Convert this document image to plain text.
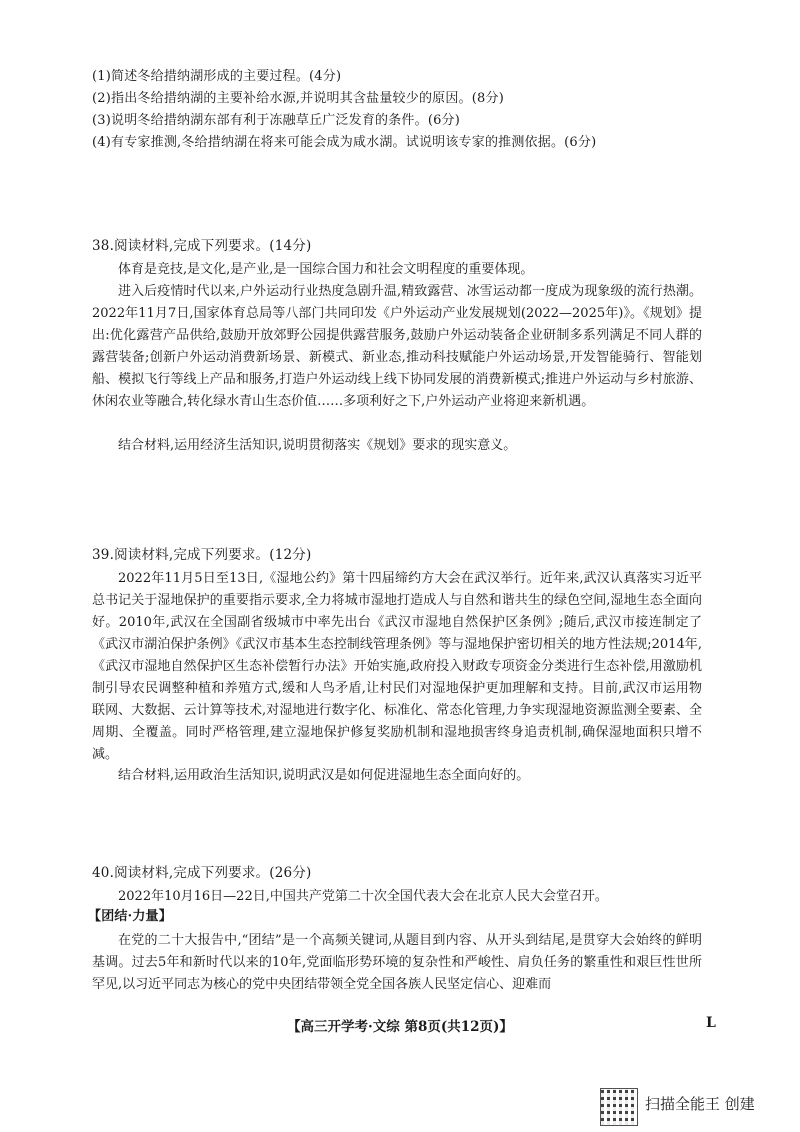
(1)简述冬给措纳湖形成的主要过程。(4分)
(2)指出冬给措纳湖的主要补给水源,并说明其含盐量较少的原因。(8分)
(3)说明冬给措纳湖东部有利于冻融草丘广泛发育的条件。(6分)
(4)有专家推测,冬给措纳湖在将来可能会成为咸水湖。试说明该专家的推测依据。(6分)
38.阅读材料,完成下列要求。(14分)
体育是竞技,是文化,是产业,是一国综合国力和社会文明程度的重要体现。
进入后疫情时代以来,户外运动行业热度急剧升温,精致露营、冰雪运动都一度成为现象级的流行热潮。2022年11月7日,国家体育总局等八部门共同印发《户外运动产业发展规划(2022—2025年)》。《规划》提出:优化露营产品供给,鼓励开放郊野公园提供露营服务,鼓励户外运动装备企业研制多系列满足不同人群的露营装备;创新户外运动消费新场景、新模式、新业态,推动科技赋能户外运动场景,开发智能骑行、智能划船、模拟飞行等线上产品和服务,打造户外运动线上线下协同发展的消费新模式;推进户外运动与乡村旅游、休闲农业等融合,转化绿水青山生态价值……多项利好之下,户外运动产业将迎来新机遇。
结合材料,运用经济生活知识,说明贯彻落实《规划》要求的现实意义。
39.阅读材料,完成下列要求。(12分)
2022年11月5日至13日,《湿地公约》第十四届缔约方大会在武汉举行。近年来,武汉认真落实习近平总书记关于湿地保护的重要指示要求,全力将城市湿地打造成人与自然和谐共生的绿色空间,湿地生态全面向好。2010年,武汉在全国副省级城市中率先出台《武汉市湿地自然保护区条例》;随后,武汉市接连制定了《武汉市湖泊保护条例》《武汉市基本生态控制线管理条例》等与湿地保护密切相关的地方性法规;2014年,《武汉市湿地自然保护区生态补偿暂行办法》开始实施,政府投入财政专项资金分类进行生态补偿,用激励机制引导农民调整种植和养殖方式,缓和人鸟矛盾,让村民们对湿地保护更加理解和支持。目前,武汉市运用物联网、大数据、云计算等技术,对湿地进行数字化、标准化、常态化管理,力争实现湿地资源监测全要素、全周期、全覆盖。同时严格管理,建立湿地保护修复奖励机制和湿地损害终身追责机制,确保湿地面积只增不减。
结合材料,运用政治生活知识,说明武汉是如何促进湿地生态全面向好的。
40.阅读材料,完成下列要求。(26分)
2022年10月16日—22日,中国共产党第二十次全国代表大会在北京人民大会堂召开。
【团结·力量】
在党的二十大报告中,“团结”是一个高频关键词,从题目到内容、从开头到结尾,是贯穿大会始终的鲜明基调。过去5年和新时代以来的10年,党面临形势环境的复杂性和严峻性、肩负任务的繁重性和艰巨性世所罕见,以习近平同志为核心的党中央团结带领全党全国各族人民坚定信心、迎难而
【高三开学考·文综 第8页(共12页)】	L
扫描全能王 创建
